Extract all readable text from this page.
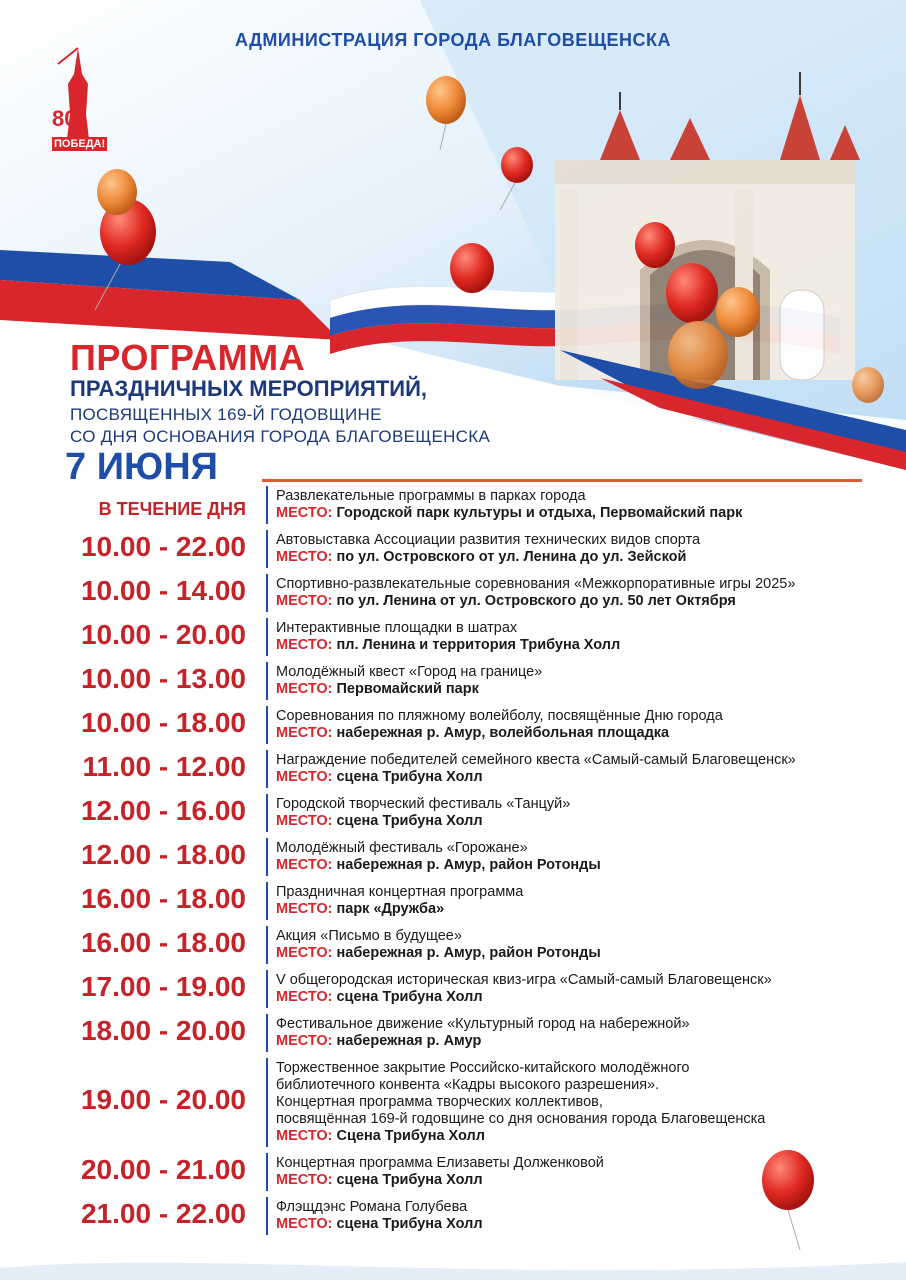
▸▸ ▸
80
ПОБЕДА!
АДМИНИСТРАЦИЯ ГОРОДА БЛАГОВЕЩЕНСКА
ПРОГРАММА
ПРАЗДНИЧНЫХ МЕРОПРИЯТИЙ,
ПОСВЯЩЕННЫХ 169-Й ГОДОВЩИНЕ
СО ДНЯ ОСНОВАНИЯ ГОРОДА БЛАГОВЕЩЕНСКА
7 ИЮНЯ
В ТЕЧЕНИЕ ДНЯ
Развлекательные программы в парках города
МЕСТО: Городской парк культуры и отдыха, Первомайский парк
10.00 - 22.00 Автовыставка Ассоциации развития технических видов спорта
МЕСТО: по ул. Островского от ул. Ленина до ул. Зейской
10.00 - 14.00 Спортивно-развлекательные соревнования «Межкорпоративные игры 2025»
МЕСТО: по ул. Ленина от ул. Островского до ул. 50 лет Октября
10.00 - 20.00 Интерактивные площадки в шатрах
МЕСТО: пл. Ленина и территория Трибуна Холл
10.00 - 13.00 Молодёжный квест «Город на границе»
МЕСТО: Первомайский парк
10.00 - 18.00 Соревнования по пляжному волейболу, посвящённые Дню города
МЕСТО: набережная р. Амур, волейбольная площадка
11.00 - 12.00 Награждение победителей семейного квеста «Самый-самый Благовещенск»
МЕСТО: сцена Трибуна Холл
12.00 - 16.00 Городской творческий фестиваль «Танцуй»
МЕСТО: сцена Трибуна Холл
12.00 - 18.00 Молодёжный фестиваль «Горожане»
МЕСТО: набережная р. Амур, район Ротонды
16.00 - 18.00 Праздничная концертная программа
МЕСТО: парк «Дружба»
16.00 - 18.00 Акция «Письмо в будущее»
МЕСТО: набережная р. Амур, район Ротонды
17.00 - 19.00 V общегородская историческая квиз-игра «Самый-самый Благовещенск»
МЕСТО: сцена Трибуна Холл
18.00 - 20.00 Фестивальное движение «Культурный город на набережной»
МЕСТО: набережная р. Амур
19.00 - 20.00
Торжественное закрытие Российско-китайского молодёжного
библиотечного конвента «Кадры высокого разрешения».
Концертная программа творческих коллективов,
посвящённая 169-й годовщине со дня основания города Благовещенска
МЕСТО: Сцена Трибуна Холл
20.00 - 21.00 Концертная программа Елизаветы Долженковой
МЕСТО: сцена Трибуна Холл
21.00 - 22.00 Флэщдэнс Романа Голубева
МЕСТО: сцена Трибуна Холл
